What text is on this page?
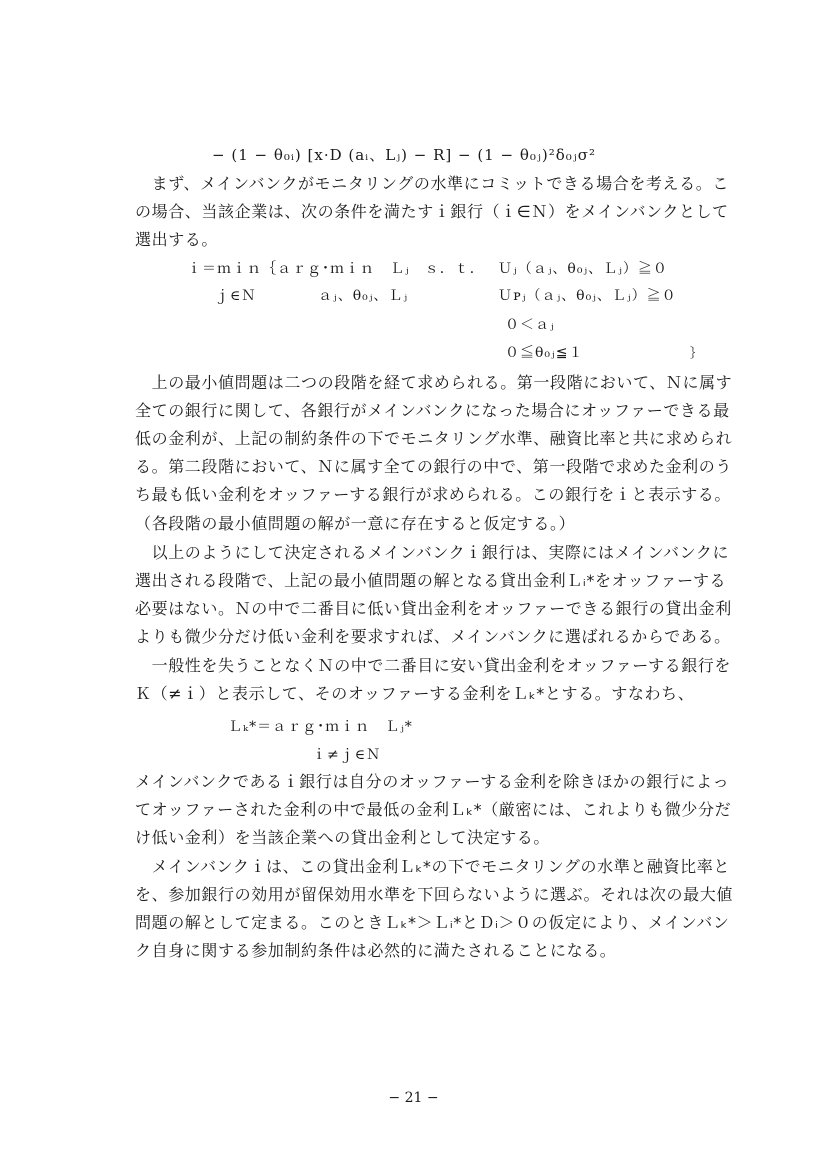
− (1 − θ₀ᵢ) [x·D (aᵢ、Lⱼ) − R] − (1 − θ₀ⱼ)²δ₀ⱼσ²
　まず、メインバンクがモニタリングの水準にコミットできる場合を考える。こ
の場合、当該企業は、次の条件を満たすｉ銀行（ｉ∈Ｎ）をメインバンクとして
選出する。
ｉ＝ｍｉｎ｛ａｒｇ･ｍｉｎ　Ｌⱼ　ｓ．ｔ．
ｊ∈Ｎ	ａⱼ、θ₀ⱼ、Ｌⱼ
Ｕⱼ（ａⱼ、θ₀ⱼ、Ｌⱼ）≧０
Ｕᴘⱼ（ａⱼ、θ₀ⱼ、Ｌⱼ）≧０
０＜ａⱼ
０≦θ₀ⱼ≦１	｝
　上の最小値問題は二つの段階を経て求められる。第一段階において、Ｎに属す
全ての銀行に関して、各銀行がメインバンクになった場合にオッファーできる最
低の金利が、上記の制約条件の下でモニタリング水準、融資比率と共に求められ
る。第二段階において、Ｎに属す全ての銀行の中で、第一段階で求めた金利のう
ち最も低い金利をオッファーする銀行が求められる。この銀行をｉと表示する。
（各段階の最小値問題の解が一意に存在すると仮定する。）
　以上のようにして決定されるメインバンクｉ銀行は、実際にはメインバンクに
選出される段階で、上記の最小値問題の解となる貸出金利Ｌᵢ*をオッファーする
必要はない。Ｎの中で二番目に低い貸出金利をオッファーできる銀行の貸出金利
よりも微少分だけ低い金利を要求すれば、メインバンクに選ばれるからである。
　一般性を失うことなくＮの中で二番目に安い貸出金利をオッファーする銀行を
Ｋ（≠ｉ）と表示して、そのオッファーする金利をＬₖ*とする。すなわち、
Ｌₖ*＝ａｒｇ･ｍｉｎ　Ｌⱼ*
ｉ≠ｊ∈Ｎ
メインバンクであるｉ銀行は自分のオッファーする金利を除きほかの銀行によっ
てオッファーされた金利の中で最低の金利Ｌₖ*（厳密には、これよりも微少分だ
け低い金利）を当該企業への貸出金利として決定する。
　メインバンクｉは、この貸出金利Ｌₖ*の下でモニタリングの水準と融資比率と
を、参加銀行の効用が留保効用水準を下回らないように選ぶ。それは次の最大値
問題の解として定まる。このときＬₖ*＞Ｌᵢ*とＤᵢ＞０の仮定により、メインバン
ク自身に関する参加制約条件は必然的に満たされることになる。
− 21 −
